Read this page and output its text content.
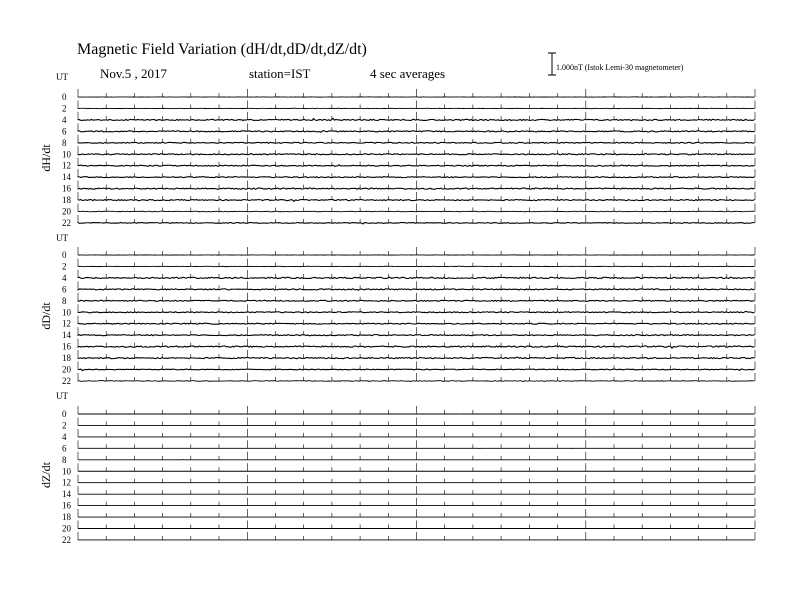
Magnetic Field Variation (dH/dt,dD/dt,dZ/dt)
Nov.5 , 2017	station=IST	4 sec averages	1.000nT (Istok Lemi-30 magnetometer)
UT
dH/dt
0
2
4
6
8
10
12
14
16
18
20
22
UT
dD/dt
0
2
4
6
8
10
12
14
16
18
20
22
UT
dZ/dt
0
2
4
6
8
10
12
14
16
18
20
22
